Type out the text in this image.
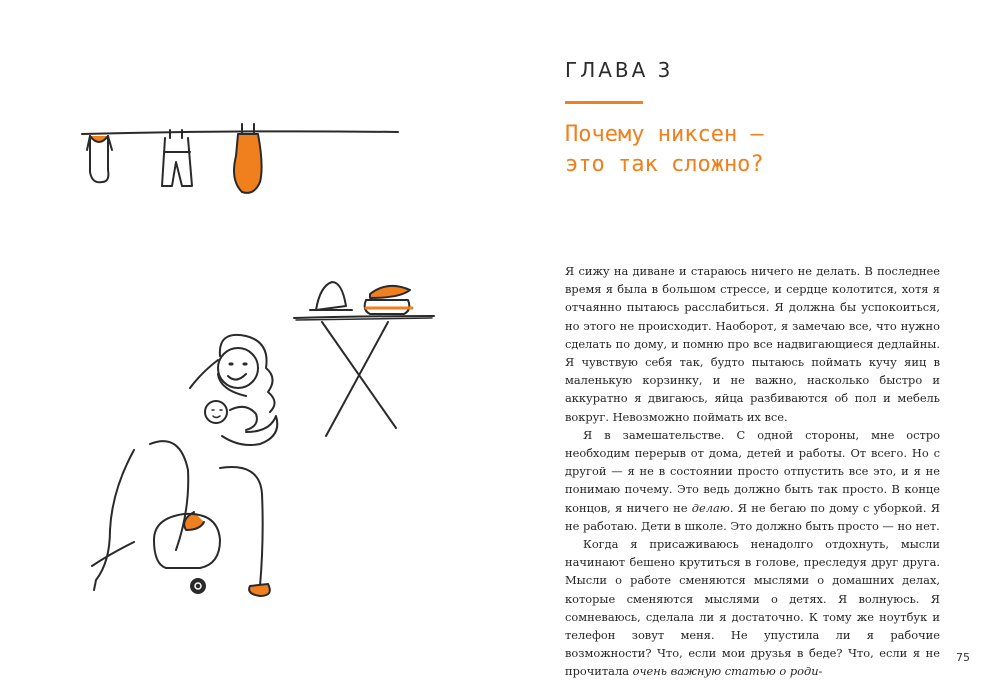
ГЛАВА 3
Почему никсен —
это так сложно?

Я сижу на диване и стараюсь ничего не делать. В последнее время я была в большом стрессе, и сердце колотится, хотя я отчаянно пытаюсь расслабиться. Я должна бы успокоиться, но этого не происходит. Наоборот, я замечаю все, что нужно сделать по дому, и помню про все надвигающиеся дедлайны. Я чувствую себя так, будто пытаюсь поймать кучу яиц в маленькую корзинку, и не важно, насколько быстро и аккуратно я двигаюсь, яйца разбиваются об пол и мебель вокруг. Невозможно поймать их все.

Я в замешательстве. С одной стороны, мне остро необходим перерыв от дома, детей и работы. От всего. Но с другой — я не в состоянии просто отпустить все это, и я не понимаю почему. Это ведь должно быть так просто. В конце концов, я ничего не делаю. Я не бегаю по дому с уборкой. Я не работаю. Дети в школе. Это должно быть просто — но нет.

Когда я присаживаюсь ненадолго отдохнуть, мысли начинают бешено крутиться в голове, преследуя друг друга. Мысли о работе сменяются мыслями о домашних делах, которые сменяются мыслями о детях. Я волнуюсь. Я сомневаюсь, сделала ли я достаточно. К тому же ноутбук и телефон зовут меня. Не упустила ли я рабочие возможности? Что, если мои друзья в беде? Что, если я не прочитала очень важную статью о роди-

75
